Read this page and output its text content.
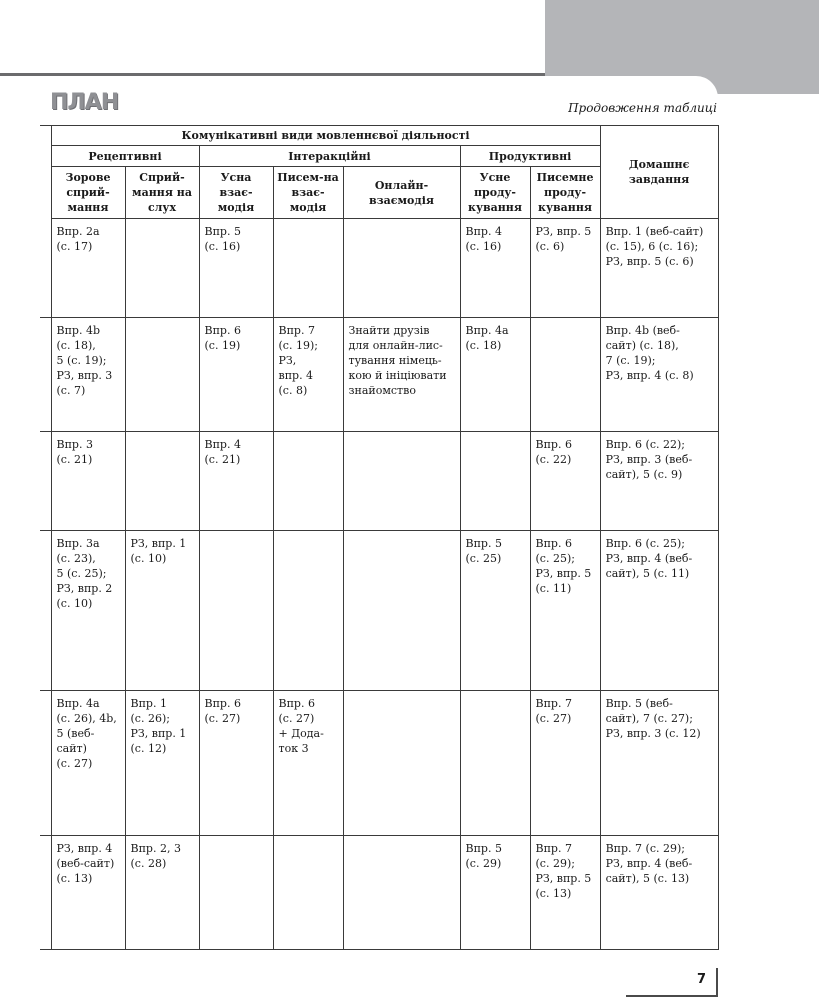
ПЛАН	Продовження таблиці
	Комунікативні види мовленнєвої діяльності							Домашнє завдання
	Рецептивні		Інтеракційні			Продуктивні		
	Зорове сприй-мання	Сприй-мання на слух	Усна взає-модія	Писем-на взає-модія	Онлайн-взаємодія	Усне проду-кування	Писемне проду-кування	
	Впр. 2a
(с. 17)		Впр. 5
(с. 16)			Впр. 4
(с. 16)	РЗ, впр. 5
(с. 6)	Впр. 1 (веб-сайт)
(с. 15), 6 (с. 16);
РЗ, впр. 5 (с. 6)
	Впр. 4b
(с. 18),
5 (с. 19);
РЗ, впр. 3
(с. 7)		Впр. 6
(с. 19)	Впр. 7
(с. 19);
РЗ,
впр. 4
(с. 8)	Знайти друзів
для онлайн-лис-
тування німець-
кою й ініціювати
знайомство	Впр. 4a
(с. 18)		Впр. 4b (веб-
сайт) (с. 18),
7 (с. 19);
РЗ, впр. 4 (с. 8)
	Впр. 3
(с. 21)		Впр. 4
(с. 21)				Впр. 6
(с. 22)	Впр. 6 (с. 22);
РЗ, впр. 3 (веб-
сайт), 5 (с. 9)
	Впр. 3a
(с. 23),
5 (с. 25);
РЗ, впр. 2
(с. 10)	РЗ, впр. 1
(с. 10)				Впр. 5
(с. 25)	Впр. 6
(с. 25);
РЗ, впр. 5
(с. 11)	Впр. 6 (с. 25);
РЗ, впр. 4 (веб-
сайт), 5 (с. 11)
	Впр. 4a
(с. 26), 4b,
5 (веб-
сайт)
(с. 27)	Впр. 1
(с. 26);
РЗ, впр. 1
(с. 12)	Впр. 6
(с. 27)	Впр. 6
(с. 27)
+ Дода-
ток 3			Впр. 7
(с. 27)	Впр. 5 (веб-
сайт), 7 (с. 27);
РЗ, впр. 3 (с. 12)
	РЗ, впр. 4
(веб-сайт)
(с. 13)	Впр. 2, 3
(с. 28)				Впр. 5
(с. 29)	Впр. 7
(с. 29);
РЗ, впр. 5
(с. 13)	Впр. 7 (с. 29);
РЗ, впр. 4 (веб-
сайт), 5 (с. 13)
7
